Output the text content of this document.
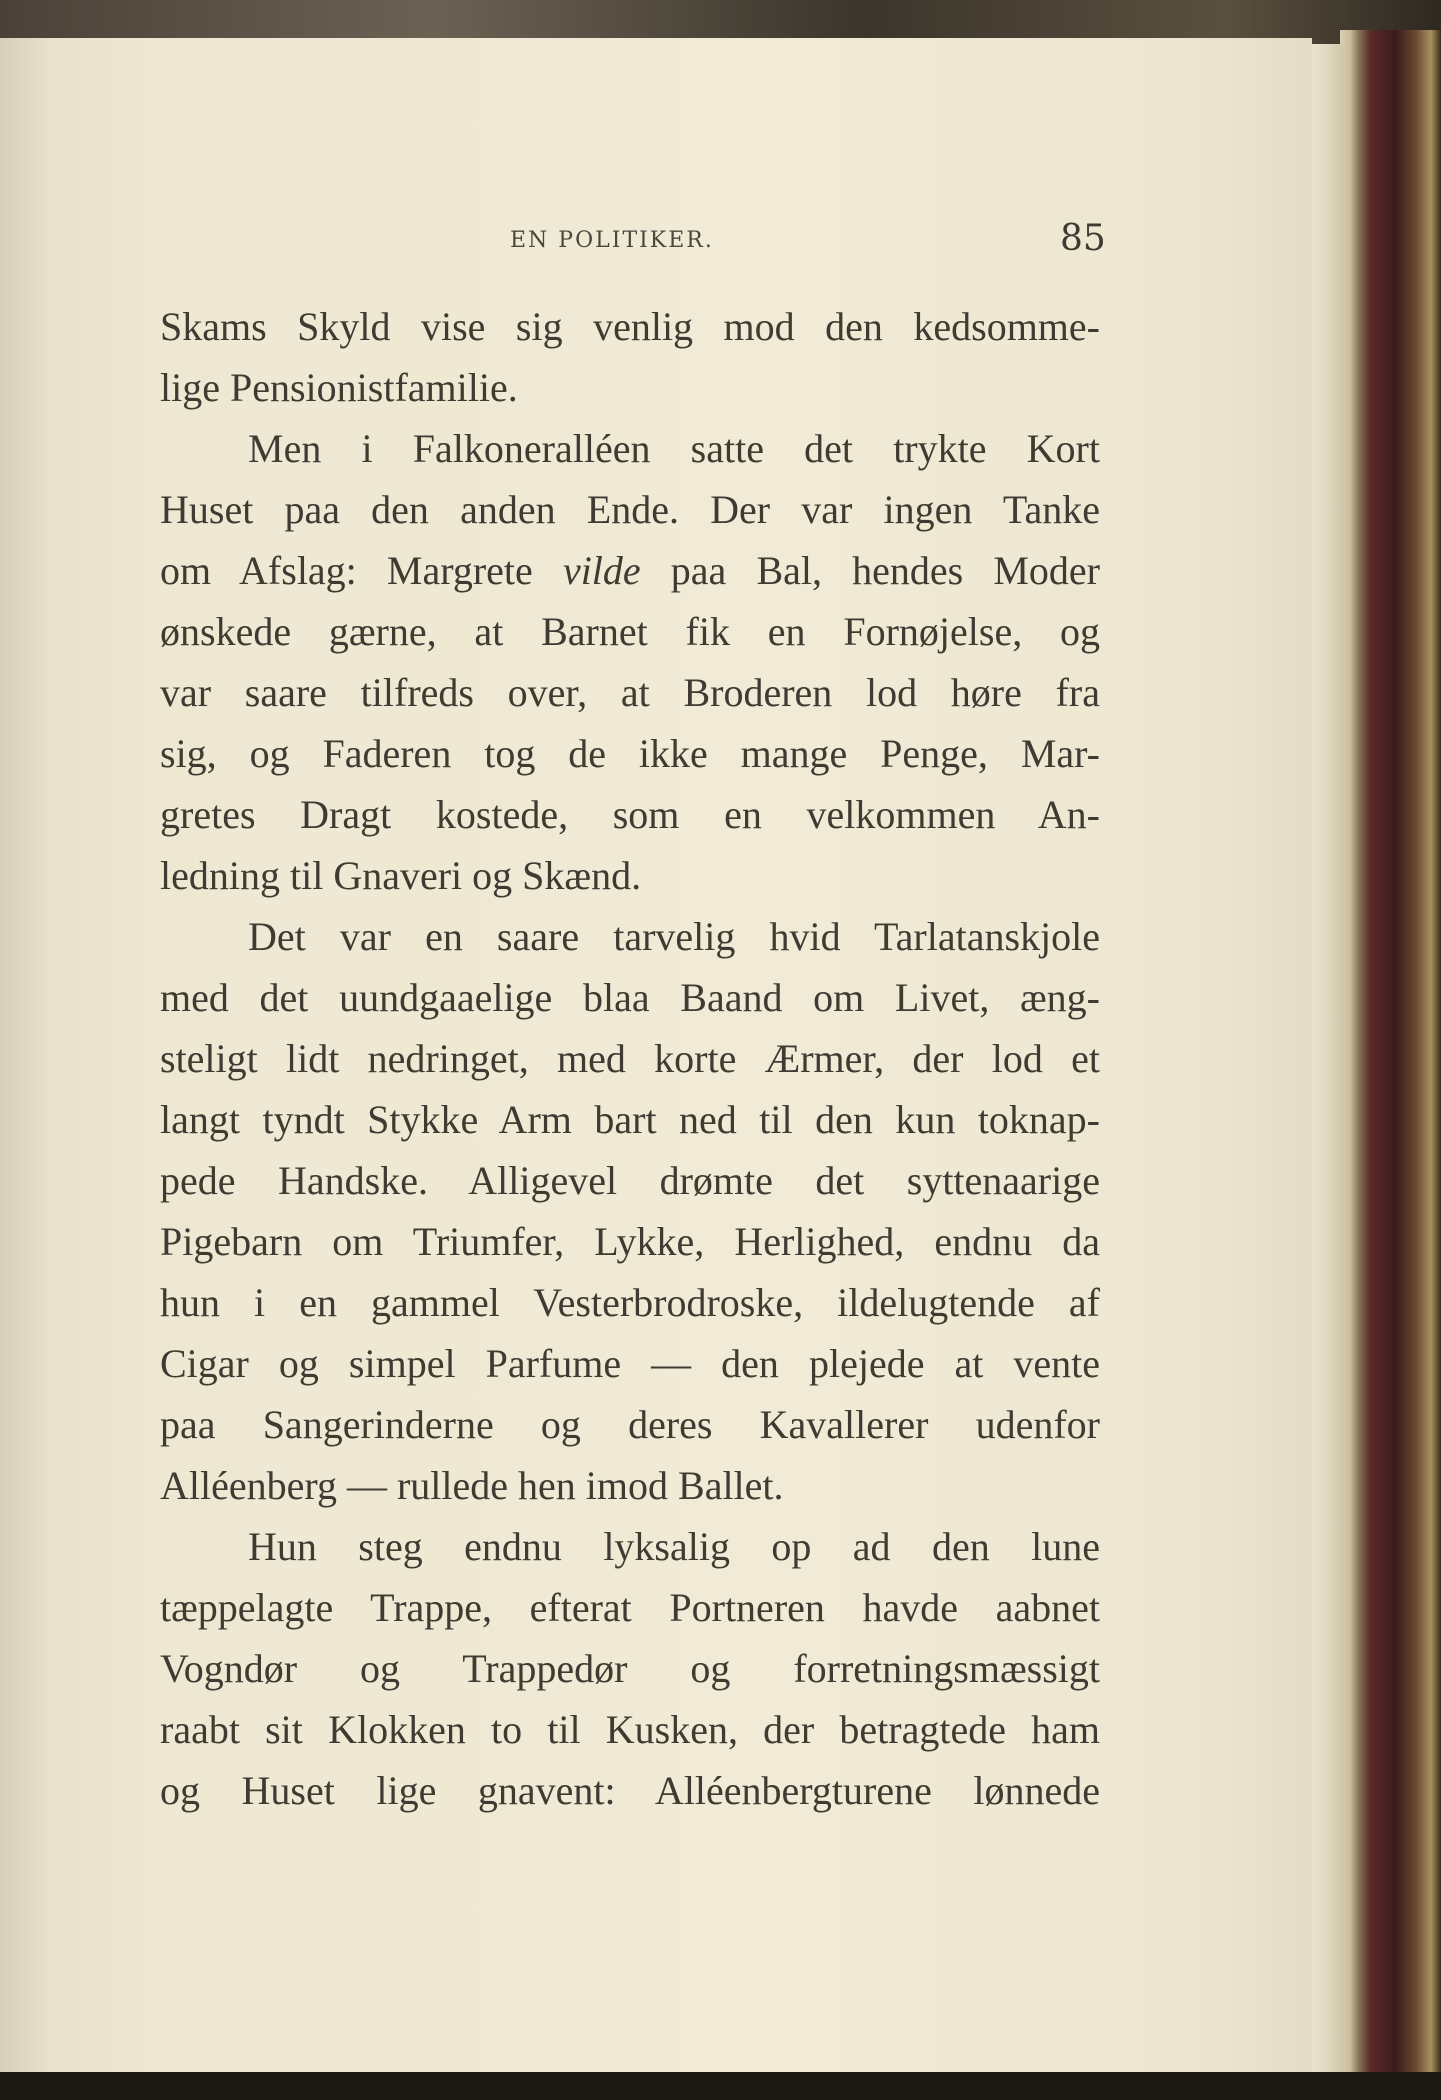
EN POLITIKER.	85
Skams Skyld vise sig venlig mod den kedsomme-
lige Pensionistfamilie.
Men i Falkoneralléen satte det trykte Kort
Huset paa den anden Ende. Der var ingen Tanke
om Afslag: Margrete vilde paa Bal, hendes Moder
ønskede gærne, at Barnet fik en Fornøjelse, og
var saare tilfreds over, at Broderen lod høre fra
sig, og Faderen tog de ikke mange Penge, Mar-
gretes Dragt kostede, som en velkommen An-
ledning til Gnaveri og Skænd.
Det var en saare tarvelig hvid Tarlatanskjole
med det uundgaaelige blaa Baand om Livet, æng-
steligt lidt nedringet, med korte Ærmer, der lod et
langt tyndt Stykke Arm bart ned til den kun toknap-
pede Handske. Alligevel drømte det syttenaarige
Pigebarn om Triumfer, Lykke, Herlighed, endnu da
hun i en gammel Vesterbrodroske, ildelugtende af
Cigar og simpel Parfume — den plejede at vente
paa Sangerinderne og deres Kavallerer udenfor
Alléenberg — rullede hen imod Ballet.
Hun steg endnu lyksalig op ad den lune
tæppelagte Trappe, efterat Portneren havde aabnet
Vogndør og Trappedør og forretningsmæssigt
raabt sit Klokken to til Kusken, der betragtede ham
og Huset lige gnavent: Alléenbergturene lønnede
